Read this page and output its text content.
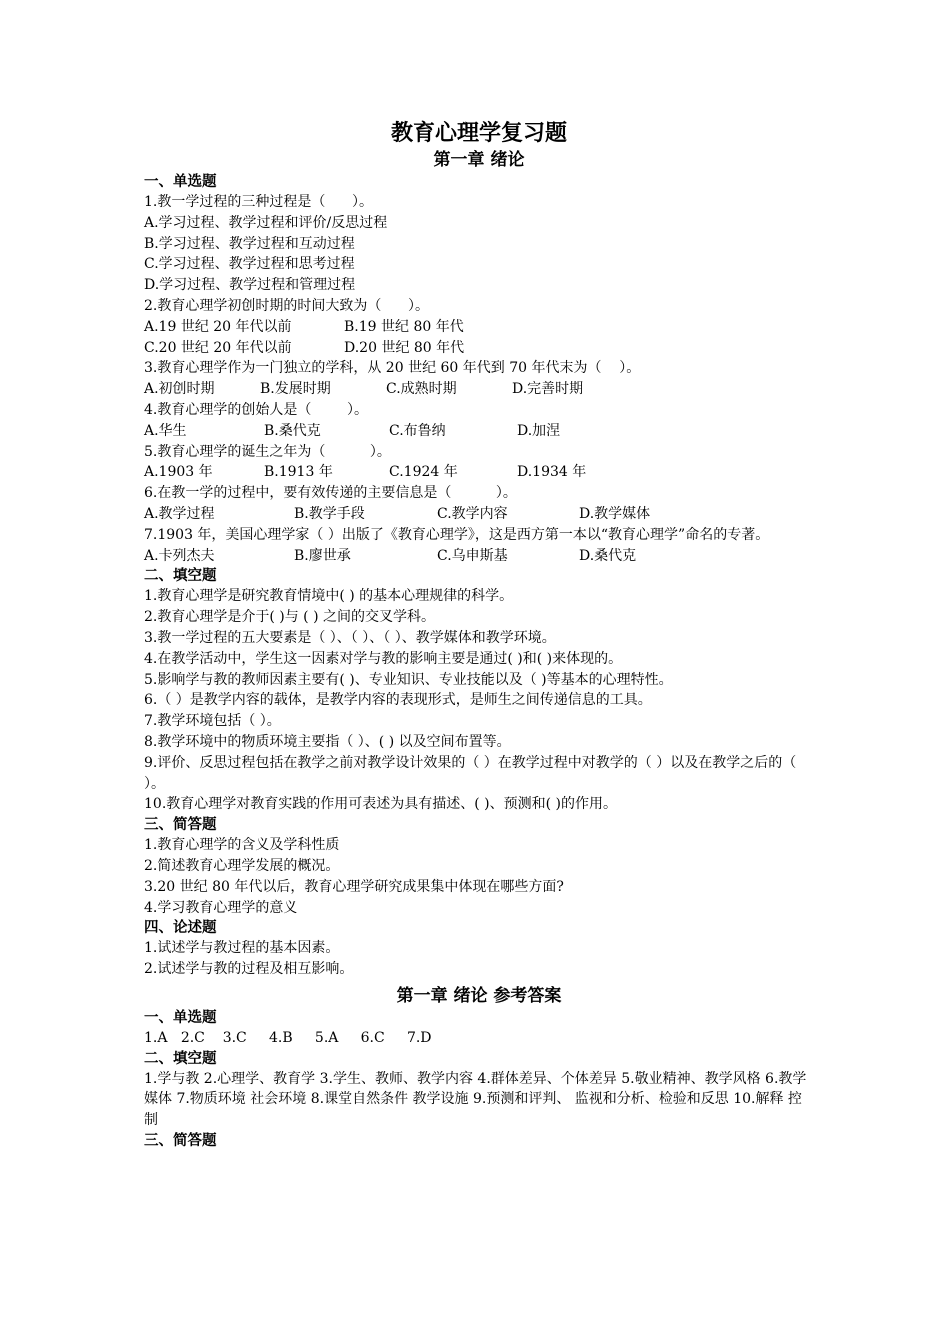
教育心理学复习题

第一章 绪论

一、单选题

1.教一学过程的三种过程是（      ）。

A.学习过程、教学过程和评价/反思过程

B.学习过程、教学过程和互动过程

C.学习过程、教学过程和思考过程

D.学习过程、教学过程和管理过程

2.教育心理学初创时期的时间大致为（      ）。

A.19 世纪 20 年代以前	B.19 世纪 80 年代
C.20 世纪 20 年代以前	D.20 世纪 80 年代

3.教育心理学作为一门独立的学科，从 20 世纪 60 年代到 70 年代末为（    ）。

A.初创时期	B.发展时期	C.成熟时期	D.完善时期

4.教育心理学的创始人是（        ）。

A.华生	B.桑代克	C.布鲁纳	D.加涅

5.教育心理学的诞生之年为（          ）。

A.1903 年	B.1913 年	C.1924 年	D.1934 年

6.在教一学的过程中，要有效传递的主要信息是（          ）。

A.教学过程	B.教学手段	C.教学内容	D.教学媒体

7.1903 年，美国心理学家（ ）出版了《教育心理学》，这是西方第一本以“教育心理学”命名的专著。

A.卡列杰夫	B.廖世承	C.乌申斯基	D.桑代克

二、填空题

1.教育心理学是研究教育情境中( ) 的基本心理规律的科学。

2.教育心理学是介于( )与 ( ) 之间的交叉学科。

3.教一学过程的五大要素是（ ）、（ ）、（ ）、教学媒体和教学环境。

4.在教学活动中，学生这一因素对学与教的影响主要是通过( )和( )来体现的。

5.影响学与教的教师因素主要有( )、专业知识、专业技能以及（ )等基本的心理特性。

6.（ ）是教学内容的载体，是教学内容的表现形式，是师生之间传递信息的工具。

7.教学环境包括（ ）。

8.教学环境中的物质环境主要指（ ）、( ) 以及空间布置等。

9.评价、反思过程包括在教学之前对教学设计效果的（ ）在教学过程中对教学的（ ）以及在教学之后的（ ）。

10.教育心理学对教育实践的作用可表述为具有描述、( )、预测和( )的作用。

三、简答题

1.教育心理学的含义及学科性质

2.简述教育心理学发展的概况。

3.20 世纪 80 年代以后，教育心理学研究成果集中体现在哪些方面?

4.学习教育心理学的意义

四、论述题

1.试述学与教过程的基本因素。

2.试述学与教的过程及相互影响。

第一章 绪论 参考答案

一、单选题

1.A   2.C    3.C     4.B     5.A     6.C     7.D

二、填空题

1.学与教 2.心理学、教育学 3.学生、教师、教学内容 4.群体差异、个体差异 5.敬业精神、教学风格 6.教学媒体 7.物质环境 社会环境 8.课堂自然条件 教学设施 9.预测和评判、 监视和分析、检验和反思 10.解释 控制

三、简答题
